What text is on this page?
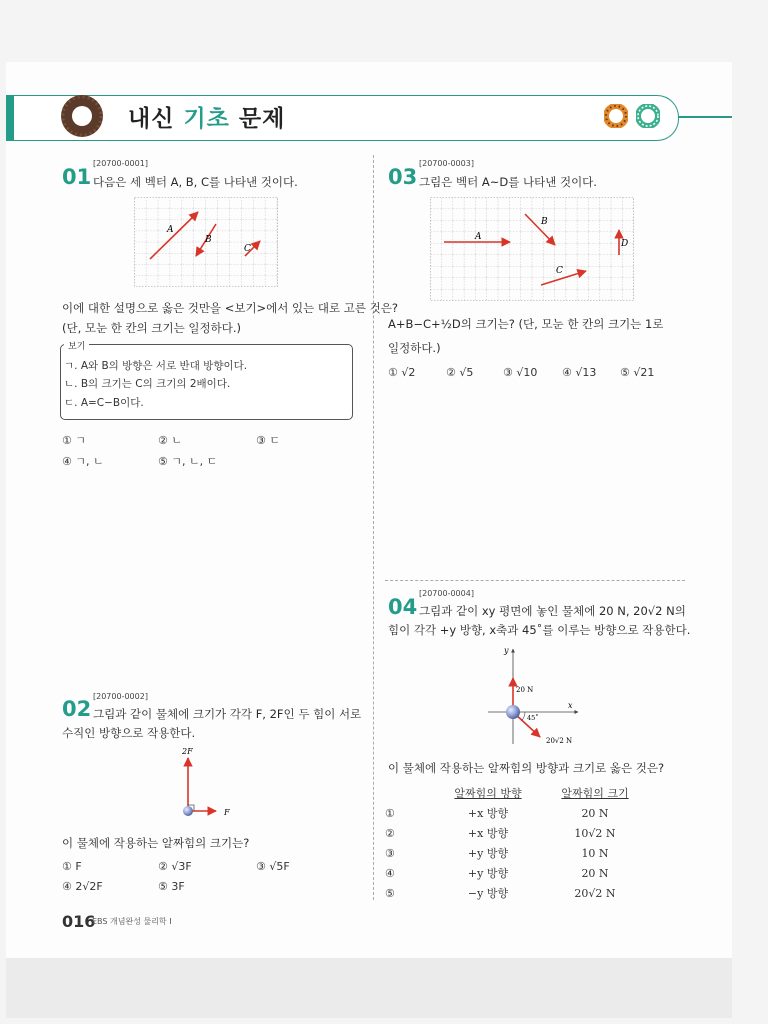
내신 기초 문제
[20700-0001]
01 다음은 세 벡터 A, B, C를 나타낸 것이다.
A
B
C
이에 대한 설명으로 옳은 것만을 <보기>에서 있는 대로 고른 것은?
(단, 모눈 한 칸의 크기는 일정하다.)
보기
ㄱ. A와 B의 방향은 서로 반대 방향이다.
ㄴ. B의 크기는 C의 크기의 2배이다.
ㄷ. A=C−B이다.
① ㄱ	② ㄴ	③ ㄷ
④ ㄱ, ㄴ	⑤ ㄱ, ㄴ, ㄷ
[20700-0002]
02 그림과 같이 물체에 크기가 각각 F, 2F인 두 힘이 서로
수직인 방향으로 작용한다.
2F
F
이 물체에 작용하는 알짜힘의 크기는?
① F	② √3F	③ √5F
④ 2√2F	⑤ 3F
[20700-0003]
03 그림은 벡터 A~D를 나타낸 것이다.
A
B
C
D
A+B−C+½D의 크기는? (단, 모눈 한 칸의 크기는 1로
일정하다.)
① √2	② √5	③ √10 ④ √13 ⑤ √21
[20700-0004]
04 그림과 같이 xy 평면에 놓인 물체에 20 N, 20√2 N의
힘이 각각 +y 방향, x축과 45˚를 이루는 방향으로 작용한다.
y
x
20 N
45˚
20√2 N
이 물체에 작용하는 알짜힘의 방향과 크기로 옳은 것은?
	알짜힘의 방향	알짜힘의 크기
①	+x 방향	20 N
②	+x 방향	10√2 N
③	+y 방향	10 N
④	+y 방향	20 N
⑤	−y 방향	20√2 N
016
EBS 개념완성 물리학 Ⅰ
